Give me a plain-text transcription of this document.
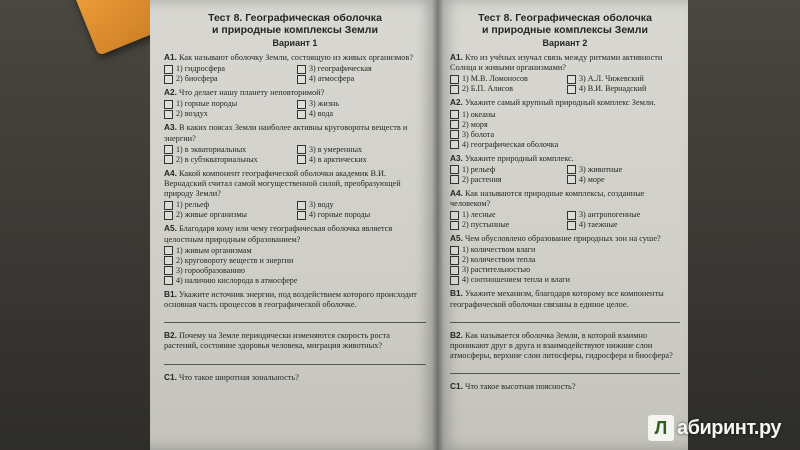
Тест 8. Географическая оболочка
и природные комплексы Земли
Вариант 1
A1. Как называют оболочку Земли, состоящую из живых организмов?
1) гидросфера	3) географическая
2) биосфера	4) атмосфера
A2. Что делает нашу планету неповторимой?
1) горные породы	3) жизнь
2) воздух	4) вода
A3. В каких поясах Земли наиболее активны круговороты веществ и энергии?
1) в экваториальных	3) в умеренных
2) в субэкваториальных	4) в арктических
A4. Какой компонент географической оболочки академик В.И. Вернадский считал самой могущественной силой, преобразующей природу Земли?
1) рельеф	3) воду
2) живые организмы	4) горные породы
A5. Благодаря кому или чему географическая оболочка является целостным природным образованием?
1) живым организмам
2) круговороту веществ и энергии
3) горообразованию
4) наличию кислорода в атмосфере
B1. Укажите источник энергии, под воздействием которого происходит основная часть процессов в географической оболочке.
B2. Почему на Земле периодически изменяются скорость роста растений, состояние здоровья человека, миграция животных?
C1. Что такое широтная зональность?
Тест 8. Географическая оболочка
и природные комплексы Земли
Вариант 2
A1. Кто из учёных изучал связь между ритмами активности Солнца и живыми организмами?
1) М.В. Ломоносов	3) А.Л. Чижевский
2) Б.П. Алисов	4) В.И. Вернадский
A2. Укажите самый крупный природный комплекс Земли.
1) океаны
2) моря
3) болота
4) географическая оболочка
A3. Укажите природный комплекс.
1) рельеф	3) животные
2) растения	4) море
A4. Как называются природные комплексы, созданные человеком?
1) лесные	3) антропогенные
2) пустынные	4) таежные
A5. Чем обусловлено образование природных зон на суше?
1) количеством влаги
2) количеством тепла
3) растительностью
4) соотношением тепла и влаги
B1. Укажите механизм, благодаря которому все компоненты географической оболочки связаны в единое целое.
B2. Как называется оболочка Земли, в которой взаимно проникают друг в друга и взаимодействуют нижние слои атмосферы, верхние слои литосферы, гидросфера и биосфера?
C1. Что такое высотная поясность?
Л абиринт.ру
